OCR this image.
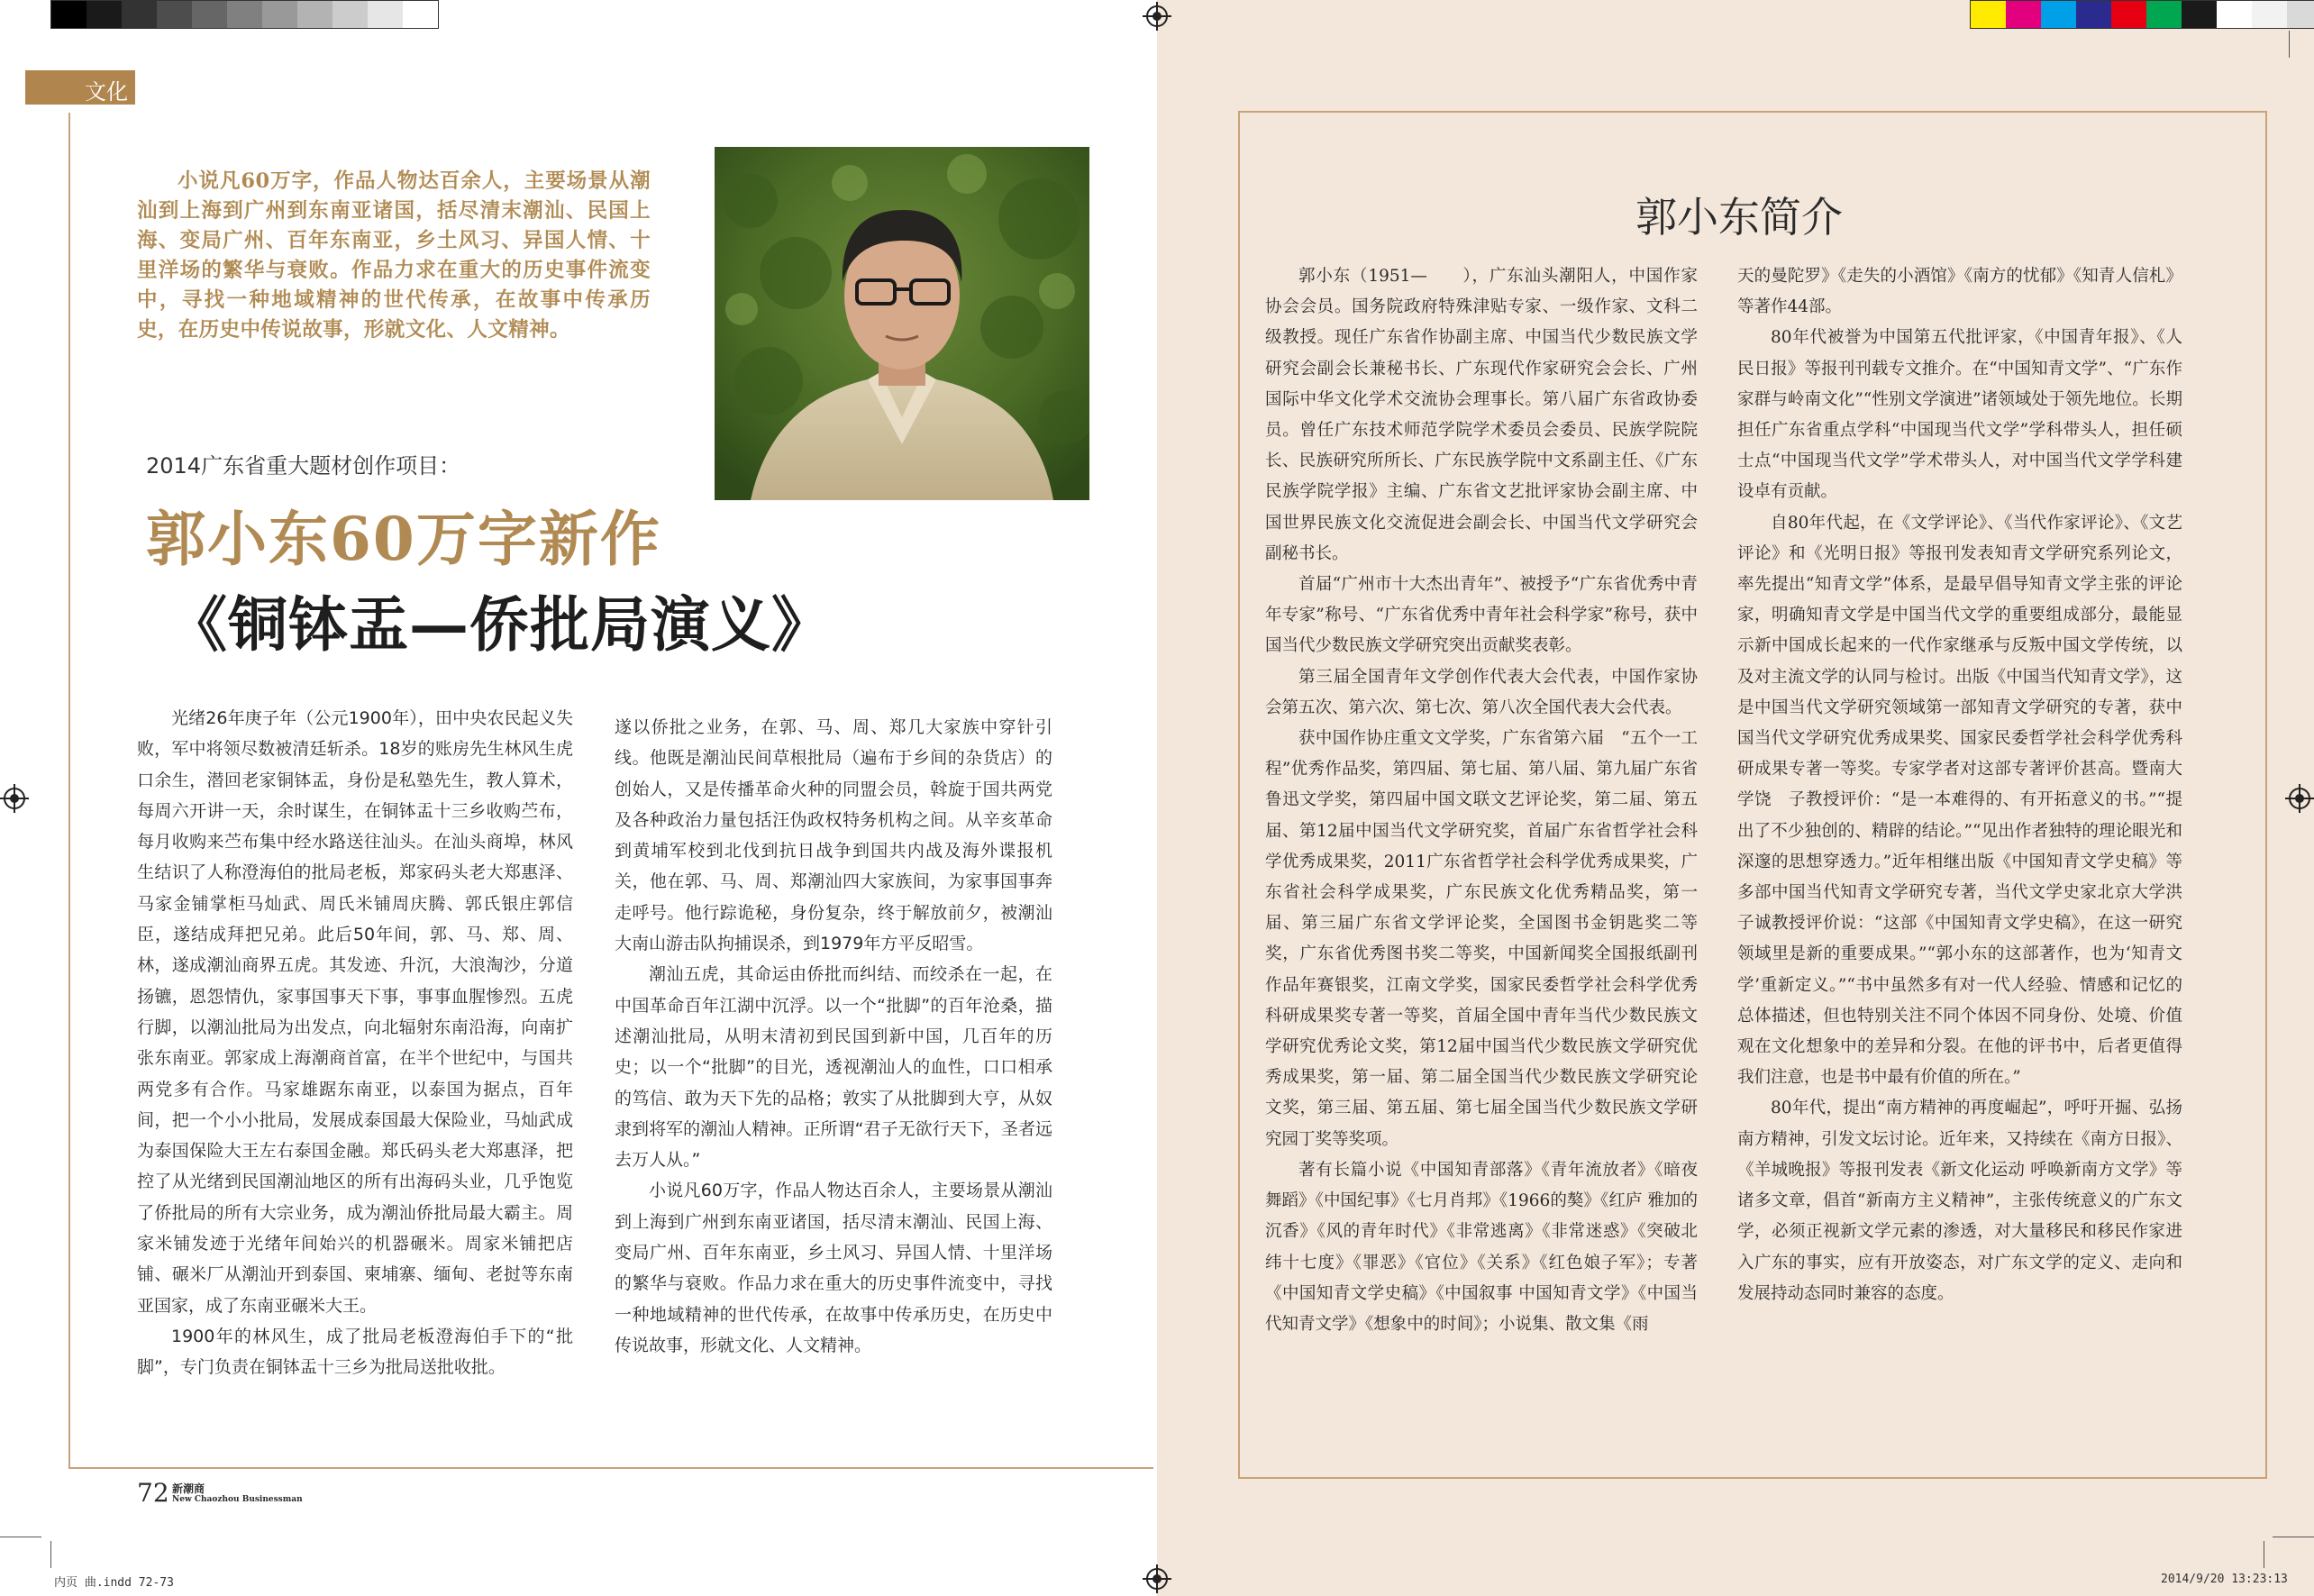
文化

小说凡60万字，作品人物达百余人，主要场景从潮汕到上海到广州到东南亚诸国，括尽清末潮汕、民国上海、变局广州、百年东南亚，乡土风习、异国人情、十里洋场的繁华与衰败。作品力求在重大的历史事件流变中，寻找一种地域精神的世代传承，在故事中传承历史，在历史中传说故事，形就文化、人文精神。

2014广东省重大题材创作项目：
郭小东60万字新作
《铜钵盂—侨批局演义》

光绪26年庚子年（公元1900年），田中央农民起义失败，军中将领尽数被清廷斩杀。18岁的账房先生林风生虎口余生，潜回老家铜钵盂，身份是私塾先生，教人算术，每周六开讲一天，余时谋生，在铜钵盂十三乡收购苎布，每月收购来苎布集中经水路送往汕头。在汕头商埠，林风生结识了人称澄海伯的批局老板，郑家码头老大郑惠泽、马家金铺掌柜马灿武、周氏米铺周庆腾、郭氏银庄郭信臣，遂结成拜把兄弟。此后50年间，郭、马、郑、周、林，遂成潮汕商界五虎。其发迹、升沉，大浪淘沙，分道扬镳，恩怨情仇，家事国事天下事，事事血腥惨烈。五虎行脚，以潮汕批局为出发点，向北辐射东南沿海，向南扩张东南亚。郭家成上海潮商首富，在半个世纪中，与国共两党多有合作。马家雄踞东南亚，以泰国为据点，百年间，把一个小小批局，发展成泰国最大保险业，马灿武成为泰国保险大王左右泰国金融。郑氏码头老大郑惠泽，把控了从光绪到民国潮汕地区的所有出海码头业，几乎饱览了侨批局的所有大宗业务，成为潮汕侨批局最大霸主。周家米铺发迹于光绪年间始兴的机器碾米。周家米铺把店铺、碾米厂从潮汕开到泰国、柬埔寨、缅甸、老挝等东南亚国家，成了东南亚碾米大王。

1900年的林风生，成了批局老板澄海伯手下的“批脚”，专门负责在铜钵盂十三乡为批局送批收批。

遂以侨批之业务，在郭、马、周、郑几大家族中穿针引线。他既是潮汕民间草根批局（遍布于乡间的杂货店）的创始人，又是传播革命火种的同盟会员，斡旋于国共两党及各种政治力量包括汪伪政权特务机构之间。从辛亥革命到黄埔军校到北伐到抗日战争到国共内战及海外谍报机关，他在郭、马、周、郑潮汕四大家族间，为家事国事奔走呼号。他行踪诡秘，身份复杂，终于解放前夕，被潮汕大南山游击队拘捕误杀，到1979年方平反昭雪。

潮汕五虎，其命运由侨批而纠结、而绞杀在一起，在中国革命百年江湖中沉浮。以一个“批脚”的百年沧桑，描述潮汕批局，从明末清初到民国到新中国，几百年的历史；以一个“批脚”的目光，透视潮汕人的血性，口口相承的笃信、敢为天下先的品格；敦实了从批脚到大亨，从奴隶到将军的潮汕人精神。正所谓“君子无欲行天下，圣者远去万人从。”

小说凡60万字，作品人物达百余人，主要场景从潮汕到上海到广州到东南亚诸国，括尽清末潮汕、民国上海、变局广州、百年东南亚，乡土风习、异国人情、十里洋场的繁华与衰败。作品力求在重大的历史事件流变中，寻找一种地域精神的世代传承，在故事中传承历史，在历史中传说故事，形就文化、人文精神。

72 新潮商
New Chaozhou Businessman
郭小东简介

郭小东（1951—　　），广东汕头潮阳人，中国作家协会会员。国务院政府特殊津贴专家、一级作家、文科二级教授。现任广东省作协副主席、中国当代少数民族文学研究会副会长兼秘书长、广东现代作家研究会会长、广州国际中华文化学术交流协会理事长。第八届广东省政协委员。曾任广东技术师范学院学术委员会委员、民族学院院长、民族研究所所长、广东民族学院中文系副主任、《广东民族学院学报》主编、广东省文艺批评家协会副主席、中国世界民族文化交流促进会副会长、中国当代文学研究会副秘书长。

首届“广州市十大杰出青年”、被授予“广东省优秀中青年专家”称号、“广东省优秀中青年社会科学家”称号，获中国当代少数民族文学研究突出贡献奖表彰。

第三届全国青年文学创作代表大会代表，中国作家协会第五次、第六次、第七次、第八次全国代表大会代表。

获中国作协庄重文文学奖，广东省第六届　“五个一工程”优秀作品奖，第四届、第七届、第八届、第九届广东省鲁迅文学奖，第四届中国文联文艺评论奖，第二届、第五届、第12届中国当代文学研究奖，首届广东省哲学社会科学优秀成果奖，2011广东省哲学社会科学优秀成果奖，广东省社会科学成果奖，广东民族文化优秀精品奖，第一届、第三届广东省文学评论奖，全国图书金钥匙奖二等奖，广东省优秀图书奖二等奖，中国新闻奖全国报纸副刊作品年赛银奖，江南文学奖，国家民委哲学社会科学优秀科研成果奖专著一等奖，首届全国中青年当代少数民族文学研究优秀论文奖，第12届中国当代少数民族文学研究优秀成果奖，第一届、第二届全国当代少数民族文学研究论文奖，第三届、第五届、第七届全国当代少数民族文学研究园丁奖等奖项。

著有长篇小说《中国知青部落》《青年流放者》《暗夜舞蹈》《中国纪事》《七月肖邦》《1966的獒》《红庐 雅加的沉香》《风的青年时代》《非常逃离》《非常迷惑》《突破北纬十七度》《罪恶》《官位》《关系》《红色娘子军》；专著《中国知青文学史稿》《中国叙事 中国知青文学》《中国当代知青文学》《想象中的时间》；小说集、散文集《雨

天的曼陀罗》《走失的小酒馆》《南方的忧郁》《知青人信札》等著作44部。

80年代被誉为中国第五代批评家，《中国青年报》、《人民日报》等报刊刊载专文推介。在“中国知青文学”、“广东作家群与岭南文化”“性别文学演进”诸领域处于领先地位。长期担任广东省重点学科“中国现当代文学”学科带头人，担任硕士点“中国现当代文学”学术带头人，对中国当代文学学科建设卓有贡献。

自80年代起，在《文学评论》、《当代作家评论》、《文艺评论》和《光明日报》等报刊发表知青文学研究系列论文，率先提出“知青文学”体系，是最早倡导知青文学主张的评论家，明确知青文学是中国当代文学的重要组成部分，最能显示新中国成长起来的一代作家继承与反叛中国文学传统，以及对主流文学的认同与检讨。出版《中国当代知青文学》，这是中国当代文学研究领域第一部知青文学研究的专著，获中国当代文学研究优秀成果奖、国家民委哲学社会科学优秀科研成果专著一等奖。专家学者对这部专著评价甚高。暨南大学饶　子教授评价：“是一本难得的、有开拓意义的书。”“提出了不少独创的、精辟的结论。”“见出作者独特的理论眼光和深邃的思想穿透力。”近年相继出版《中国知青文学史稿》等多部中国当代知青文学研究专著，当代文学史家北京大学洪子诚教授评价说：“这部《中国知青文学史稿》，在这一研究领域里是新的重要成果。”“郭小东的这部著作，也为‘知青文学’重新定义。”“书中虽然多有对一代人经验、情感和记忆的总体描述，但也特别关注不同个体因不同身份、处境、价值观在文化想象中的差异和分裂。在他的评书中，后者更值得我们注意，也是书中最有价值的所在。”

80年代，提出“南方精神的再度崛起”，呼吁开掘、弘扬南方精神，引发文坛讨论。近年来，又持续在《南方日报》、《羊城晚报》等报刊发表《新文化运动 呼唤新南方文学》等诸多文章，倡首“新南方主义精神”，主张传统意义的广东文学，必须正视新文学元素的渗透，对大量移民和移民作家进入广东的事实，应有开放姿态，对广东文学的定义、走向和发展持动态同时兼容的态度。

内页 曲.indd 72-73	2014/9/20 13:23:13
